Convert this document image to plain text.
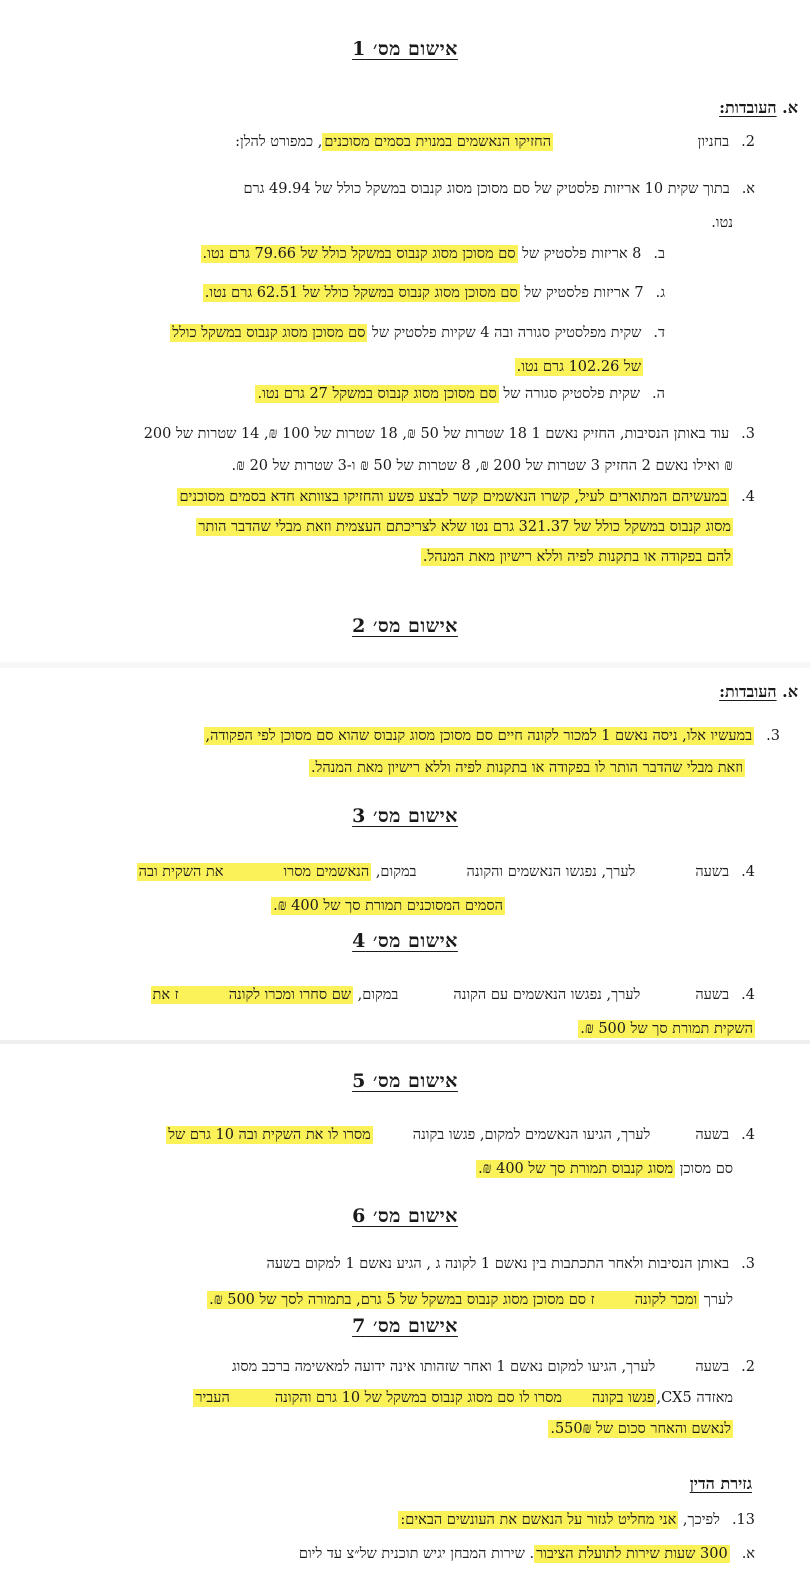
אישום מס׳ 1
א. העובדות:
2.בחניון החזיקו הנאשמים במנוית בסמים מסוכנים, כמפורט להלן:
א.בתוך שקית 10 אריזות פלסטיק של סם מסוכן מסוג קנבוס במשקל כולל של 49.94 גרם
נטו.
ב.8 אריזות פלסטיק של סם מסוכן מסוג קנבוס במשקל כולל של 79.66 גרם נטו.
ג.7 אריזות פלסטיק של סם מסוכן מסוג קנבוס במשקל כולל של 62.51 גרם נטו.
ד.שקית מפלסטיק סגורה ובה 4 שקיות פלסטיק של סם מסוכן מסוג קנבוס במשקל כולל
של 102.26 גרם נטו.
ה.שקית פלסטיק סגורה של סם מסוכן מסוג קנבוס במשקל 27 גרם נטו.
3.עוד באותן הנסיבות, החזיק נאשם 1 18 שטרות של 50 ₪, 18 שטרות של 100 ₪, 14 שטרות של 200
₪ ואילו נאשם 2 החזיק 3 שטרות של 200 ₪, 8 שטרות של 50 ₪ ו-3 שטרות של 20 ₪.
4.במעשיהם המתוארים לעיל, קשרו הנאשמים קשר לבצע פשע והחזיקו בצוותא חדא בסמים מסוכנים
מסוג קנבוס במשקל כולל של 321.37 גרם נטו שלא לצריכתם העצמית וזאת מבלי שהדבר הותר
להם בפקודה או בתקנות לפיה וללא רישיון מאת המנהל.
אישום מס׳ 2
א. העובדות:
3.במעשיו אלו, ניסה נאשם 1 למכור לקונה חיים סם מסוכן מסוג קנבוס שהוא סם מסוכן לפי הפקודה,
וזאת מבלי שהדבר הותר לו בפקודה או בתקנות לפיה וללא רישיון מאת המנהל.
אישום מס׳ 3
4.בשעהלערך, נפגשו הנאשמים והקונהבמקום, הנאשמים מסרואת השקית ובה
הסמים המסוכנים תמורת סך של 400 ₪.
אישום מס׳ 4
4.בשעהלערך, נפגשו הנאשמים עם הקונהבמקום, שם סחרו ומכרו לקונהז את
השקית תמורת סך של 500 ₪.
אישום מס׳ 5
4.בשעהלערך, הגיעו הנאשמים למקום, פגשו בקונהמסרו לו את השקית ובה 10 גרם של
סם מסוכן מסוג קנבוס תמורת סך של 400 ₪.
אישום מס׳ 6
3.באותן הנסיבות ולאחר התכתבות בין נאשם 1 לקונה ג , הגיע נאשם 1 למקום בשעה
לערך ומכר לקונהז סם מסוכן מסוג קנבוס במשקל של 5 גרם, בתמורה לסך של 500 ₪.
אישום מס׳ 7
2.בשעהלערך, הגיעו למקום נאשם 1 ואחר שזהותו אינה ידועה למאשימה ברכב מסוג
מאזדה CX5,פגשו בקונהמסרו לו סם מסוג קנבוס במשקל של 10 גרם והקונההעביר
לנאשם והאחר סכום של 550₪.
גזירת הדין
13.לפיכך, אני מחליט לגזור על הנאשם את העונשים הבאים:
א.300 שעות שירות לתועלת הציבור. שירות המבחן יגיש תוכנית של״צ עד ליום
